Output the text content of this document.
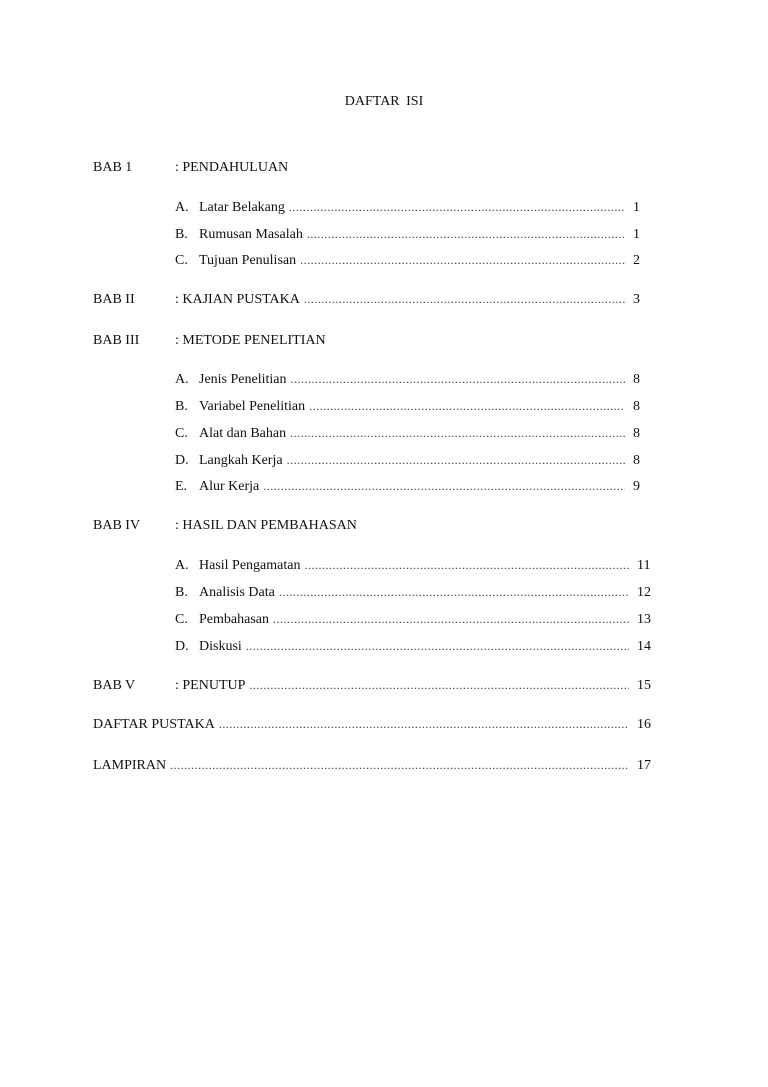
DAFTAR ISI
BAB 1	: PENDAHULUAN
A. Latar Belakang .....	1
B. Rumusan Masalah .....	1
C. Tujuan Penulisan .....	2
BAB II	: KAJIAN PUSTAKA .....	3
BAB III	: METODE PENELITIAN
A. Jenis Penelitian .....	8
B. Variabel Penelitian .....	8
C. Alat dan Bahan .....	8
D. Langkah Kerja .....	8
E. Alur Kerja .....	9
BAB IV : HASIL DAN PEMBAHASAN
A. Hasil Pengamatan .....	11
B. Analisis Data .....	12
C. Pembahasan .....	13
D. Diskusi .....	14
BAB V	: PENUTUP .....	15
DAFTAR PUSTAKA .....	16
LAMPIRAN .....	17
